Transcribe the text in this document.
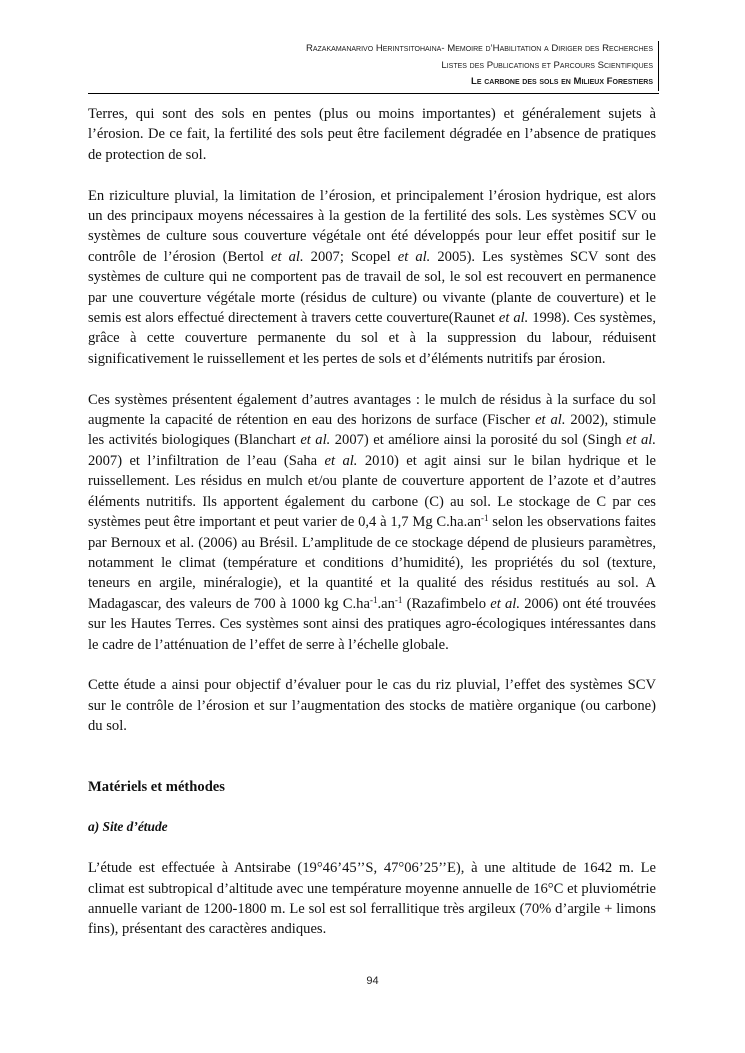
Razakamanarivo Herintsitohaina- Memoire d’Habilitation a Diriger des Recherches
Listes des Publications et Parcours Scientifiques
Le carbone des sols en Milieux Forestiers

Terres, qui sont des sols en pentes (plus ou moins importantes) et généralement sujets à l’érosion. De ce fait, la fertilité des sols peut être facilement dégradée en l’absence de pratiques de protection de sol.

En riziculture pluvial, la limitation de l’érosion, et principalement l’érosion hydrique, est alors un des principaux moyens nécessaires à la gestion de la fertilité des sols. Les systèmes SCV ou systèmes de culture sous couverture végétale ont été développés pour leur effet positif sur le contrôle de l’érosion (Bertol et al. 2007; Scopel et al. 2005). Les systèmes SCV sont des systèmes de culture qui ne comportent pas de travail de sol, le sol est recouvert en permanence par une couverture végétale morte (résidus de culture) ou vivante (plante de couverture) et le semis est alors effectué directement à travers cette couverture(Raunet et al. 1998). Ces systèmes, grâce à cette couverture permanente du sol et à la suppression du labour, réduisent significativement le ruissellement et les pertes de sols et d’éléments nutritifs par érosion.

Ces systèmes présentent également d’autres avantages : le mulch de résidus à la surface du sol augmente la capacité de rétention en eau des horizons de surface (Fischer et al. 2002), stimule les activités biologiques (Blanchart et al. 2007) et améliore ainsi la porosité du sol (Singh et al. 2007) et l’infiltration de l’eau (Saha et al. 2010) et agit ainsi sur le bilan hydrique et le ruissellement. Les résidus en mulch et/ou plante de couverture apportent de l’azote et d’autres éléments nutritifs. Ils apportent également du carbone (C) au sol. Le stockage de C par ces systèmes peut être important et peut varier de 0,4 à 1,7 Mg $C.ha.an^{-1}$ selon les observations faites par Bernoux et al. (2006) au Brésil. L’amplitude de ce stockage dépend de plusieurs paramètres, notamment le climat (température et conditions d’humidité), les propriétés du sol (texture, teneurs en argile, minéralogie), et la quantité et la qualité des résidus restitués au sol. A Madagascar, des valeurs de 700 à 1000 kg $C.ha^{-1}.an^{-1}$ (Razafimbelo et al. 2006) ont été trouvées sur les Hautes Terres. Ces systèmes sont ainsi des pratiques agro-écologiques intéressantes dans le cadre de l’atténuation de l’effet de serre à l’échelle globale.

Cette étude a ainsi pour objectif d’évaluer pour le cas du riz pluvial, l’effet des systèmes SCV sur le contrôle de l’érosion et sur l’augmentation des stocks de matière organique (ou carbone) du sol.

Matériels et méthodes
a) Site d’étude

L’étude est effectuée à Antsirabe (19°46’45’’S, 47°06’25’’E), à une altitude de 1642 m. Le climat est subtropical d’altitude avec une température moyenne annuelle de 16°C et pluviométrie annuelle variant de 1200-1800 m. Le sol est sol ferrallitique très argileux (70% d’argile + limons fins), présentant des caractères andiques.

94
